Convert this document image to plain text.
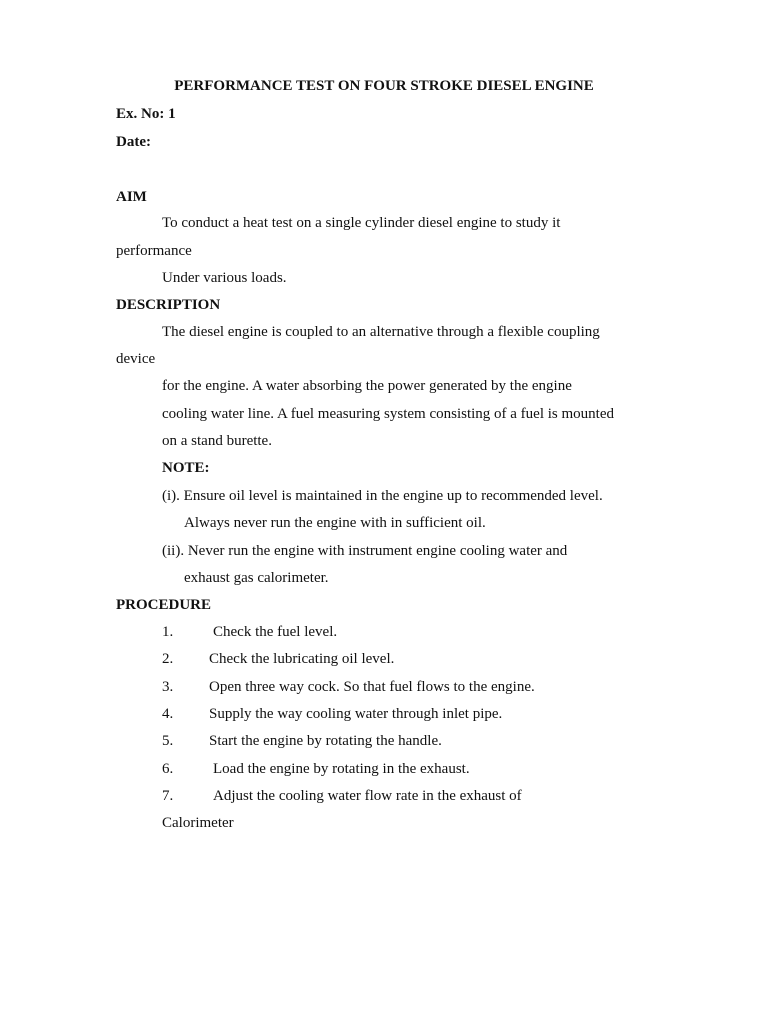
PERFORMANCE TEST ON FOUR STROKE DIESEL ENGINE
Ex. No: 1
Date:
AIM
To conduct a heat test on a single cylinder diesel engine to study it
performance
Under various loads.
DESCRIPTION
The diesel engine is coupled to an alternative through a flexible coupling
device
for the engine. A water absorbing the power generated by the engine
cooling water line. A fuel measuring system consisting of a fuel is mounted
on a stand burette.
NOTE:
(i). Ensure oil level is maintained in the engine up to recommended level.
Always never run the engine with in sufficient oil.
(ii). Never run the engine with instrument engine cooling water and
exhaust gas calorimeter.
PROCEDURE
1.	Check the fuel level.
2. Check the lubricating oil level.
3. Open three way cock. So that fuel flows to the engine.
4. Supply the way cooling water through inlet pipe.
5. Start the engine by rotating the handle.
6.	Load the engine by rotating in the exhaust.
7.	Adjust the cooling water flow rate in the exhaust of
Calorimeter
